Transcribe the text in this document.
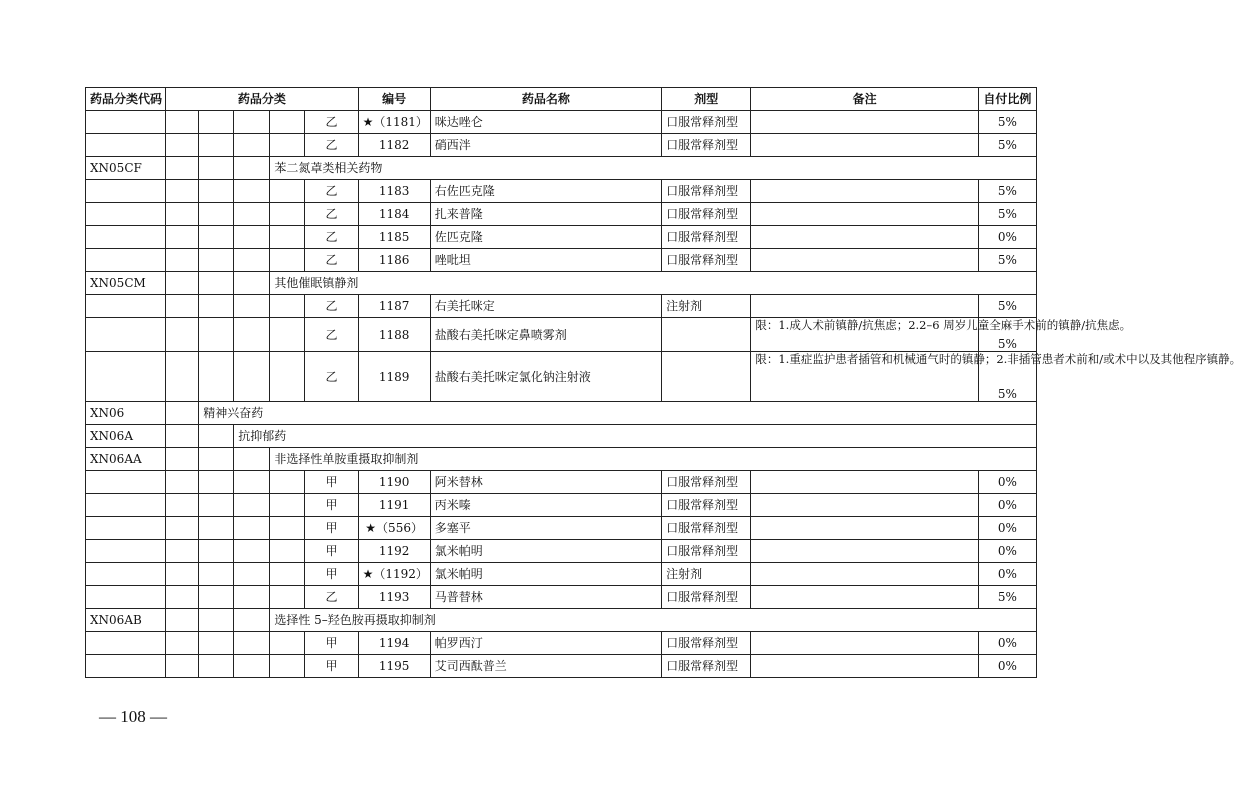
药品分类代码	药品分类					编号	药品名称	剂型	备注	自付比例
					乙	★（1181）	咪达唑仑	口服常释剂型		5%
					乙	1182	硝西泮	口服常释剂型		5%
XN05CF				苯二氮䓬类相关药物						
					乙	1183	右佐匹克隆	口服常释剂型		5%
					乙	1184	扎来普隆	口服常释剂型		5%
					乙	1185	佐匹克隆	口服常释剂型		0%
					乙	1186	唑吡坦	口服常释剂型		5%
XN05CM				其他催眠镇静剂						
					乙	1187	右美托咪定	注射剂		5%
					乙	1188	盐酸右美托咪定鼻喷雾剂		限：1.成人术前镇静/抗焦虑；2.2–6 周岁儿童全麻手术前的镇静/抗焦虑。	5%
					乙	1189	盐酸右美托咪定氯化钠注射液		限：1.重症监护患者插管和机械通气时的镇静；2.非插管患者术前和/或术中以及其他程序镇静。	5%
XN06		精神兴奋药								
XN06A			抗抑郁药							
XN06AA				非选择性单胺重摄取抑制剂						
					甲	1190	阿米替林	口服常释剂型		0%
					甲	1191	丙米嗪	口服常释剂型		0%
					甲	★（556）	多塞平	口服常释剂型		0%
					甲	1192	氯米帕明	口服常释剂型		0%
					甲	★（1192）	氯米帕明	注射剂		0%
					乙	1193	马普替林	口服常释剂型		5%
XN06AB				选择性 5–羟色胺再摄取抑制剂						
					甲	1194	帕罗西汀	口服常释剂型		0%
					甲	1195	艾司西酞普兰	口服常释剂型		0%
— 108 —
